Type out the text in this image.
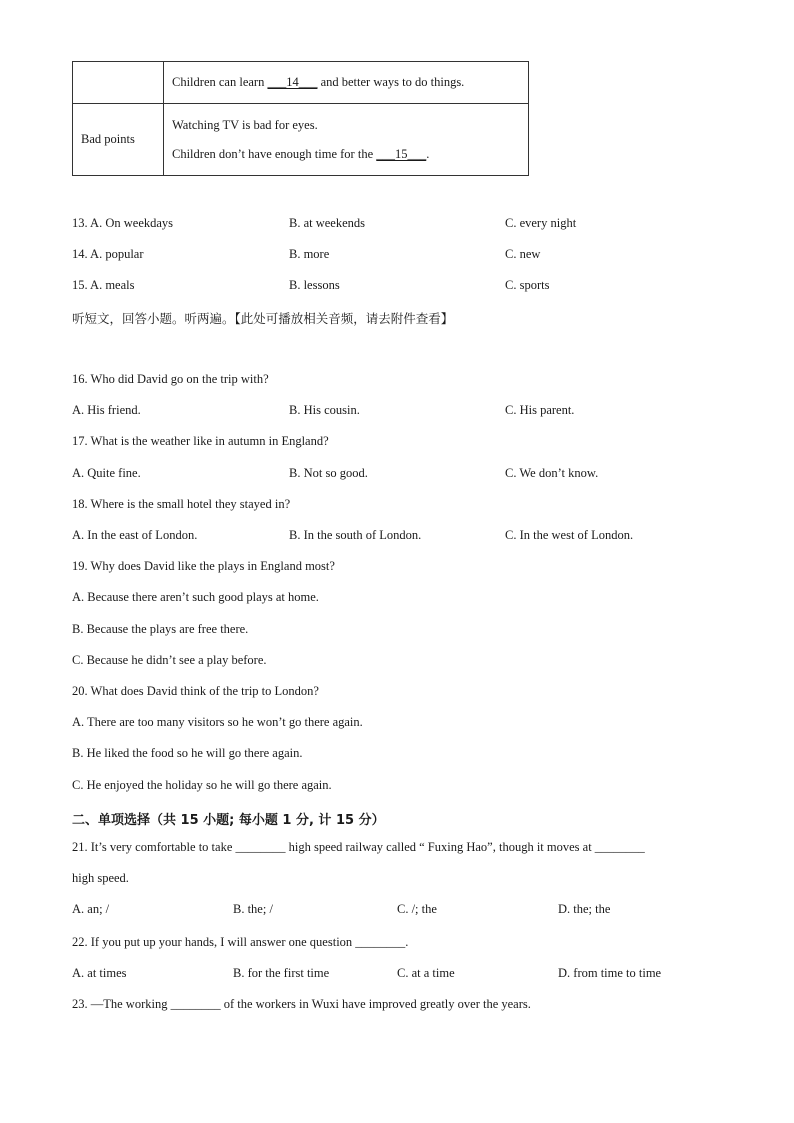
	Children can learn ___14___ and better ways to do things.
Bad points	Watching TV is bad for eyes.
Children don’t have enough time for the ___15___.
13. A. On weekdays	B. at weekends	C. every night
14. A. popular	B. more	C. new
15. A. meals	B. lessons	C. sports
听短文，回答小题。听两遍。【此处可播放相关音频，请去附件查看】
16. Who did David go on the trip with?
A. His friend.	B. His cousin.	C. His parent.
17. What is the weather like in autumn in England?
A. Quite fine.	B. Not so good.	C. We don’t know.
18. Where is the small hotel they stayed in?
A. In the east of London.	B. In the south of London.	C. In the west of London.
19. Why does David like the plays in England most?
A. Because there aren’t such good plays at home.
B. Because the plays are free there.
C. Because he didn’t see a play before.
20. What does David think of the trip to London?
A. There are too many visitors so he won’t go there again.
B. He liked the food so he will go there again.
C. He enjoyed the holiday so he will go there again.
二、单项选择（共 15 小题; 每小题 1 分, 计 15 分）
21. It’s very comfortable to take ________ high speed railway called “ Fuxing Hao”, though it moves at ________
high speed.
A. an; /	B. the; /	C. /; the	D. the; the
22. If you put up your hands, I will answer one question ________.
A. at times	B. for the first time	C. at a time	D. from time to time
23. —The working ________ of the workers in Wuxi have improved greatly over the years.
